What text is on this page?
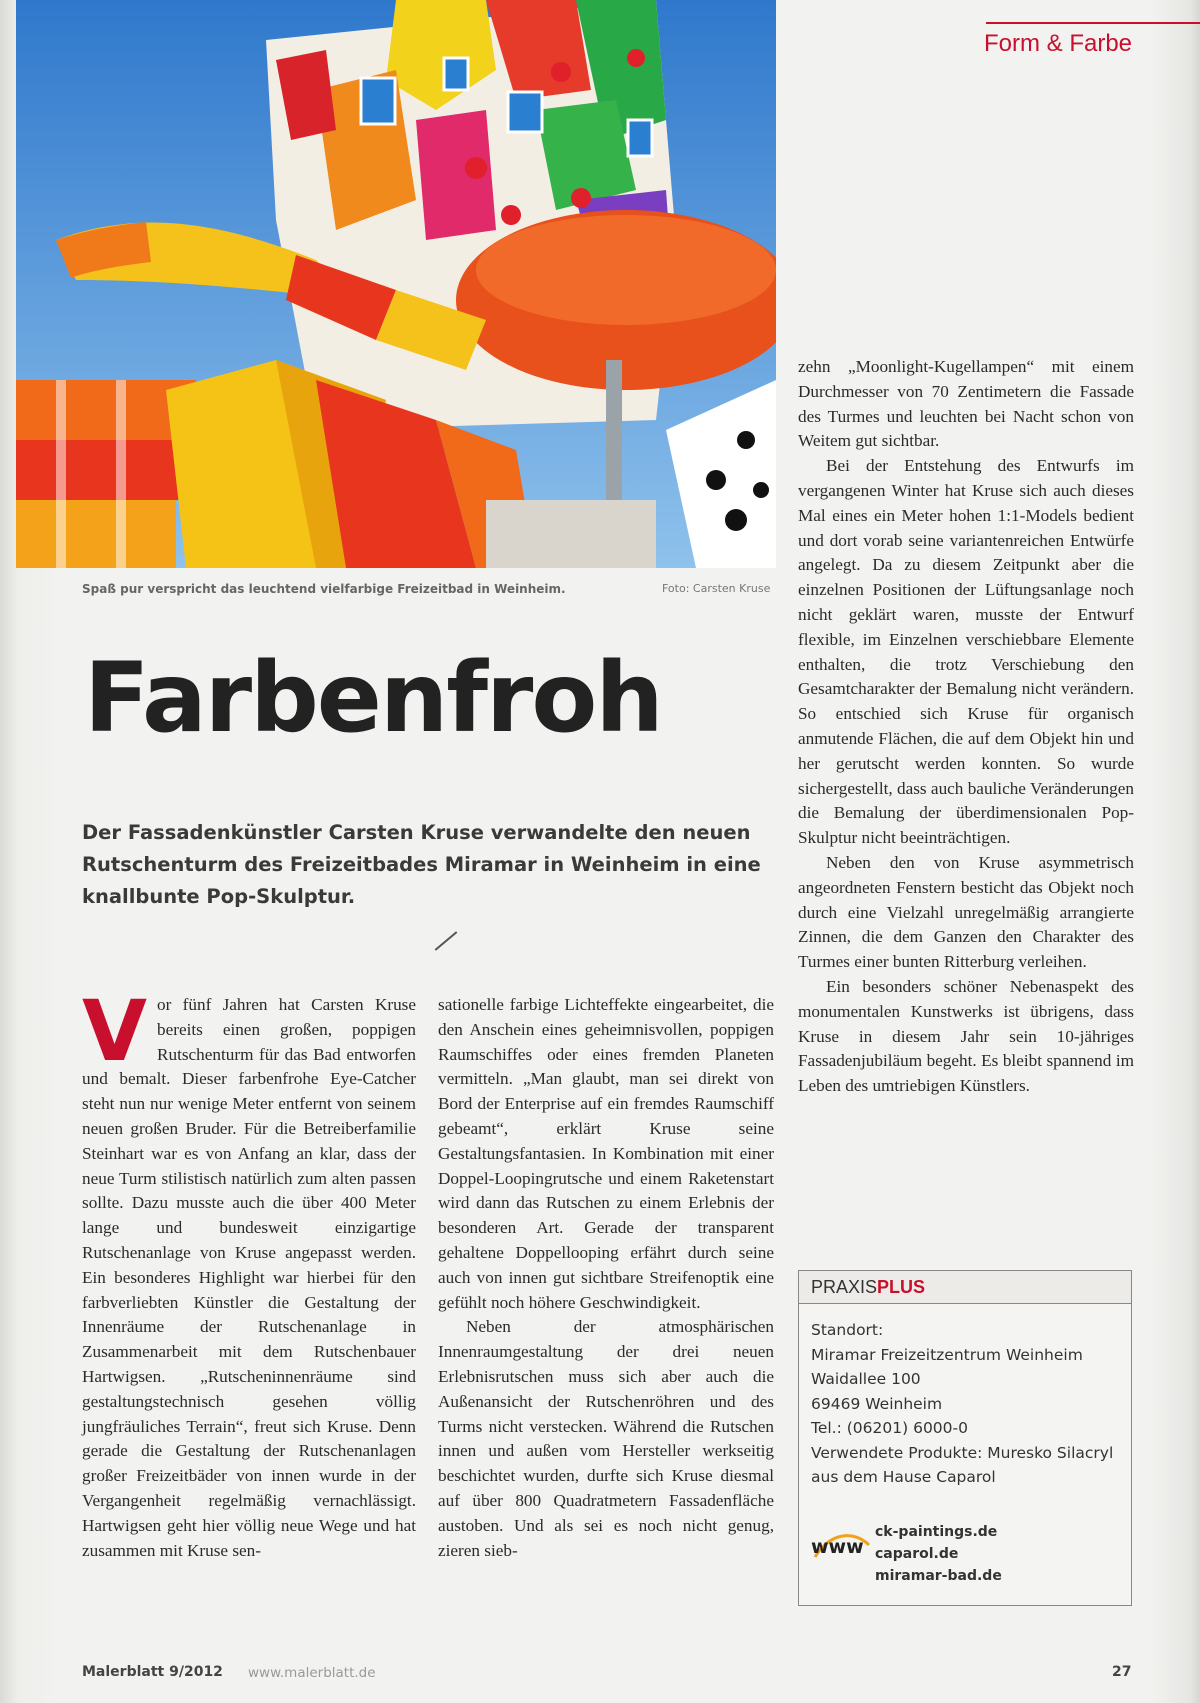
Spaß pur verspricht das leuchtend vielfarbige Freizeitbad in Weinheim.	Foto: Carsten Kruse
Form & Farbe
Farbenfroh
Der Fassadenkünstler Carsten Kruse verwandelte den neuen Rutschenturm des Freizeitbades Miramar in Weinheim in eine knallbunte Pop-Skulptur.

Vor fünf Jahren hat Carsten Kruse bereits einen großen, poppigen Rutschenturm für das Bad entworfen und bemalt. Dieser farbenfrohe Eye-Catcher steht nun nur wenige Meter entfernt von seinem neuen großen Bruder. Für die Betreiberfamilie Steinhart war es von Anfang an klar, dass der neue Turm stilistisch natürlich zum alten passen sollte. Dazu musste auch die über 400 Meter lange und bundesweit einzigartige Rutschenanlage von Kruse angepasst werden. Ein besonderes Highlight war hierbei für den farbverliebten Künstler die Gestaltung der Innenräume der Rutschenanlage in Zusammenarbeit mit dem Rutschenbauer Hartwigsen. „Rutscheninnenräume sind gestaltungstechnisch gesehen völlig jungfräuliches Terrain“, freut sich Kruse. Denn gerade die Gestaltung der Rutschenanlagen großer Freizeitbäder von innen wurde in der Vergangenheit regelmäßig vernachlässigt. Hartwigsen geht hier völlig neue Wege und hat zusammen mit Kruse sen-

sationelle farbige Lichteffekte eingearbeitet, die den Anschein eines geheimnisvollen, poppigen Raumschiffes oder eines fremden Planeten vermitteln. „Man glaubt, man sei direkt von Bord der Enterprise auf ein fremdes Raumschiff gebeamt“, erklärt Kruse seine Gestaltungsfantasien. In Kombination mit einer Doppel-Loopingrutsche und einem Raketenstart wird dann das Rutschen zu einem Erlebnis der besonderen Art. Gerade der transparent gehaltene Doppellooping erfährt durch seine auch von innen gut sichtbare Streifenoptik eine gefühlt noch höhere Geschwindigkeit.

Neben der atmosphärischen Innenraumgestaltung der drei neuen Erlebnisrutschen muss sich aber auch die Außenansicht der Rutschenröhren und des Turms nicht verstecken. Während die Rutschen innen und außen vom Hersteller werkseitig beschichtet wurden, durfte sich Kruse diesmal auf über 800 Quadratmetern Fassadenfläche austoben. Und als sei es noch nicht genug, zieren sieb-

zehn „Moonlight-Kugellampen“ mit einem Durchmesser von 70 Zentimetern die Fassade des Turmes und leuchten bei Nacht schon von Weitem gut sichtbar.

Bei der Entstehung des Entwurfs im vergangenen Winter hat Kruse sich auch dieses Mal eines ein Meter hohen 1:1-Models bedient und dort vorab seine variantenreichen Entwürfe angelegt. Da zu diesem Zeitpunkt aber die einzelnen Positionen der Lüftungsanlage noch nicht geklärt waren, musste der Entwurf flexible, im Einzelnen verschiebbare Elemente enthalten, die trotz Verschiebung den Gesamtcharakter der Bemalung nicht verändern. So entschied sich Kruse für organisch anmutende Flächen, die auf dem Objekt hin und her gerutscht werden konnten. So wurde sichergestellt, dass auch bauliche Veränderungen die Bemalung der überdimensionalen Pop-Skulptur nicht beeinträchtigen.

Neben den von Kruse asymmetrisch angeordneten Fenstern besticht das Objekt noch durch eine Vielzahl unregelmäßig arrangierte Zinnen, die dem Ganzen den Charakter des Turmes einer bunten Ritterburg verleihen.

Ein besonders schöner Nebenaspekt des monumentalen Kunstwerks ist übrigens, dass Kruse in diesem Jahr sein 10-jähriges Fassadenjubiläum begeht. Es bleibt spannend im Leben des umtriebigen Künstlers.

PRAXISPLUS
Standort:
Miramar Freizeitzentrum Weinheim
Waidallee 100
69469 Weinheim
Tel.: (06201) 6000-0
Verwendete Produkte: Muresko Silacryl
aus dem Hause Caparol
www
ck-paintings.de
caparol.de
miramar-bad.de
Malerblatt 9/2012 www.malerblatt.de	27
